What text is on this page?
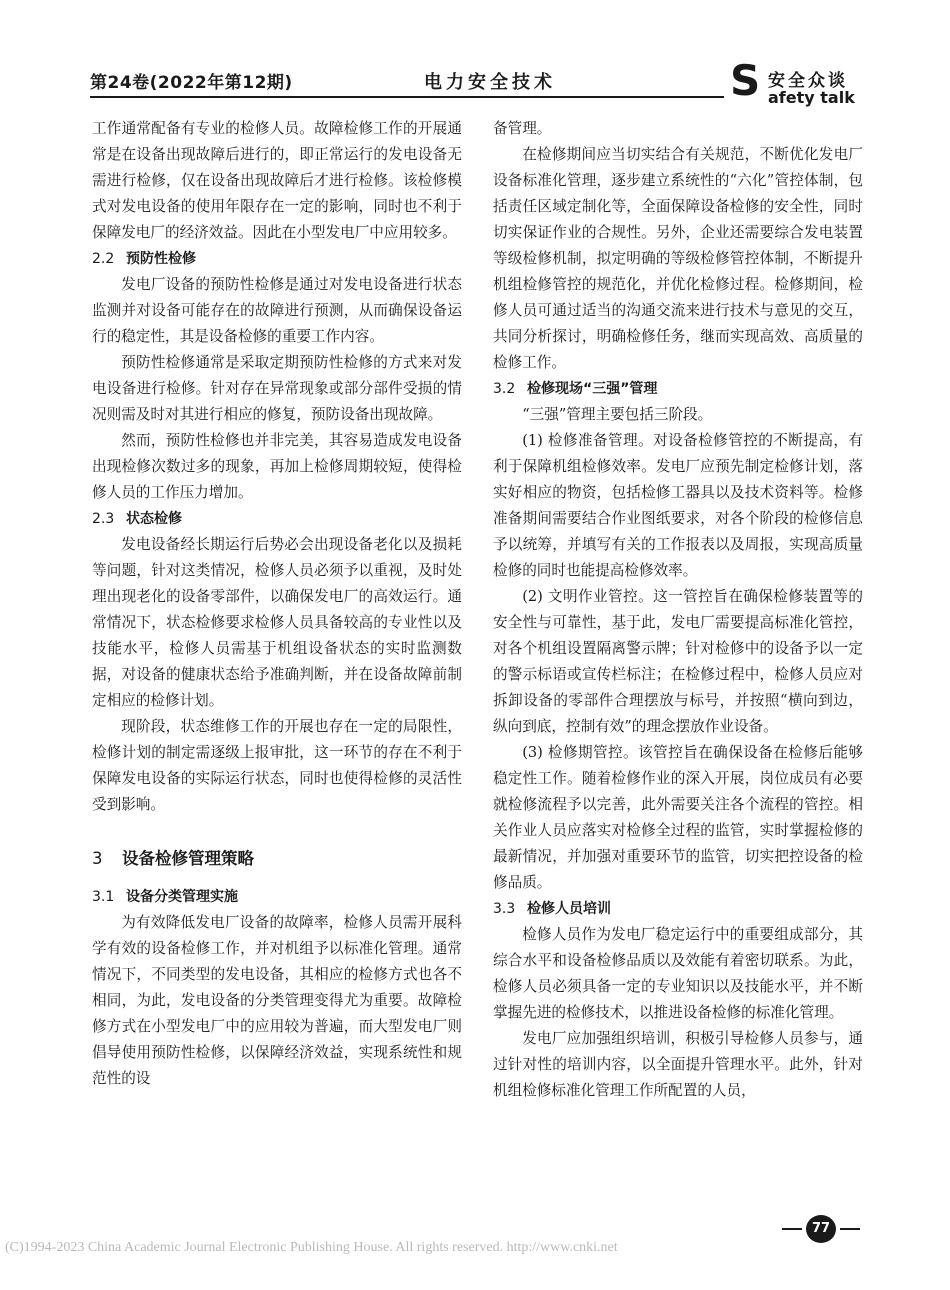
第24卷(2022年第12期)	电力安全技术	S 安全众谈
afety talk

工作通常配备有专业的检修人员。故障检修工作的开展通常是在设备出现故障后进行的，即正常运行的发电设备无需进行检修，仅在设备出现故障后才进行检修。该检修模式对发电设备的使用年限存在一定的影响，同时也不利于保障发电厂的经济效益。因此在小型发电厂中应用较多。

2.2 预防性检修

发电厂设备的预防性检修是通过对发电设备进行状态监测并对设备可能存在的故障进行预测，从而确保设备运行的稳定性，其是设备检修的重要工作内容。

预防性检修通常是采取定期预防性检修的方式来对发电设备进行检修。针对存在异常现象或部分部件受损的情况则需及时对其进行相应的修复，预防设备出现故障。

然而，预防性检修也并非完美，其容易造成发电设备出现检修次数过多的现象，再加上检修周期较短，使得检修人员的工作压力增加。

2.3 状态检修

发电设备经长期运行后势必会出现设备老化以及损耗等问题，针对这类情况，检修人员必须予以重视，及时处理出现老化的设备零部件，以确保发电厂的高效运行。通常情况下，状态检修要求检修人员具备较高的专业性以及技能水平，检修人员需基于机组设备状态的实时监测数据，对设备的健康状态给予准确判断，并在设备故障前制定相应的检修计划。

现阶段，状态维修工作的开展也存在一定的局限性，检修计划的制定需逐级上报审批，这一环节的存在不利于保障发电设备的实际运行状态，同时也使得检修的灵活性受到影响。

3 设备检修管理策略
3.1 设备分类管理实施

为有效降低发电厂设备的故障率，检修人员需开展科学有效的设备检修工作，并对机组予以标准化管理。通常情况下，不同类型的发电设备，其相应的检修方式也各不相同，为此，发电设备的分类管理变得尤为重要。故障检修方式在小型发电厂中的应用较为普遍，而大型发电厂则倡导使用预防性检修，以保障经济效益，实现系统性和规范性的设

备管理。

在检修期间应当切实结合有关规范，不断优化发电厂设备标准化管理，逐步建立系统性的“六化”管控体制，包括责任区域定制化等，全面保障设备检修的安全性，同时切实保证作业的合规性。另外，企业还需要综合发电装置等级检修机制，拟定明确的等级检修管控体制，不断提升机组检修管控的规范化，并优化检修过程。检修期间，检修人员可通过适当的沟通交流来进行技术与意见的交互，共同分析探讨，明确检修任务，继而实现高效、高质量的检修工作。

3.2 检修现场“三强”管理

“三强”管理主要包括三阶段。

(1) 检修准备管理。对设备检修管控的不断提高，有利于保障机组检修效率。发电厂应预先制定检修计划，落实好相应的物资，包括检修工器具以及技术资料等。检修准备期间需要结合作业图纸要求，对各个阶段的检修信息予以统筹，并填写有关的工作报表以及周报，实现高质量检修的同时也能提高检修效率。

(2) 文明作业管控。这一管控旨在确保检修装置等的安全性与可靠性，基于此，发电厂需要提高标准化管控，对各个机组设置隔离警示牌；针对检修中的设备予以一定的警示标语或宣传栏标注；在检修过程中，检修人员应对拆卸设备的零部件合理摆放与标号，并按照“横向到边，纵向到底，控制有效”的理念摆放作业设备。

(3) 检修期管控。该管控旨在确保设备在检修后能够稳定性工作。随着检修作业的深入开展，岗位成员有必要就检修流程予以完善，此外需要关注各个流程的管控。相关作业人员应落实对检修全过程的监管，实时掌握检修的最新情况，并加强对重要环节的监管，切实把控设备的检修品质。

3.3 检修人员培训

检修人员作为发电厂稳定运行中的重要组成部分，其综合水平和设备检修品质以及效能有着密切联系。为此，检修人员必须具备一定的专业知识以及技能水平，并不断掌握先进的检修技术，以推进设备检修的标准化管理。

发电厂应加强组织培训，积极引导检修人员参与，通过针对性的培训内容，以全面提升管理水平。此外，针对机组检修标准化管理工作所配置的人员，

77
(C)1994-2023 China Academic Journal Electronic Publishing House. All rights reserved. http://www.cnki.net
